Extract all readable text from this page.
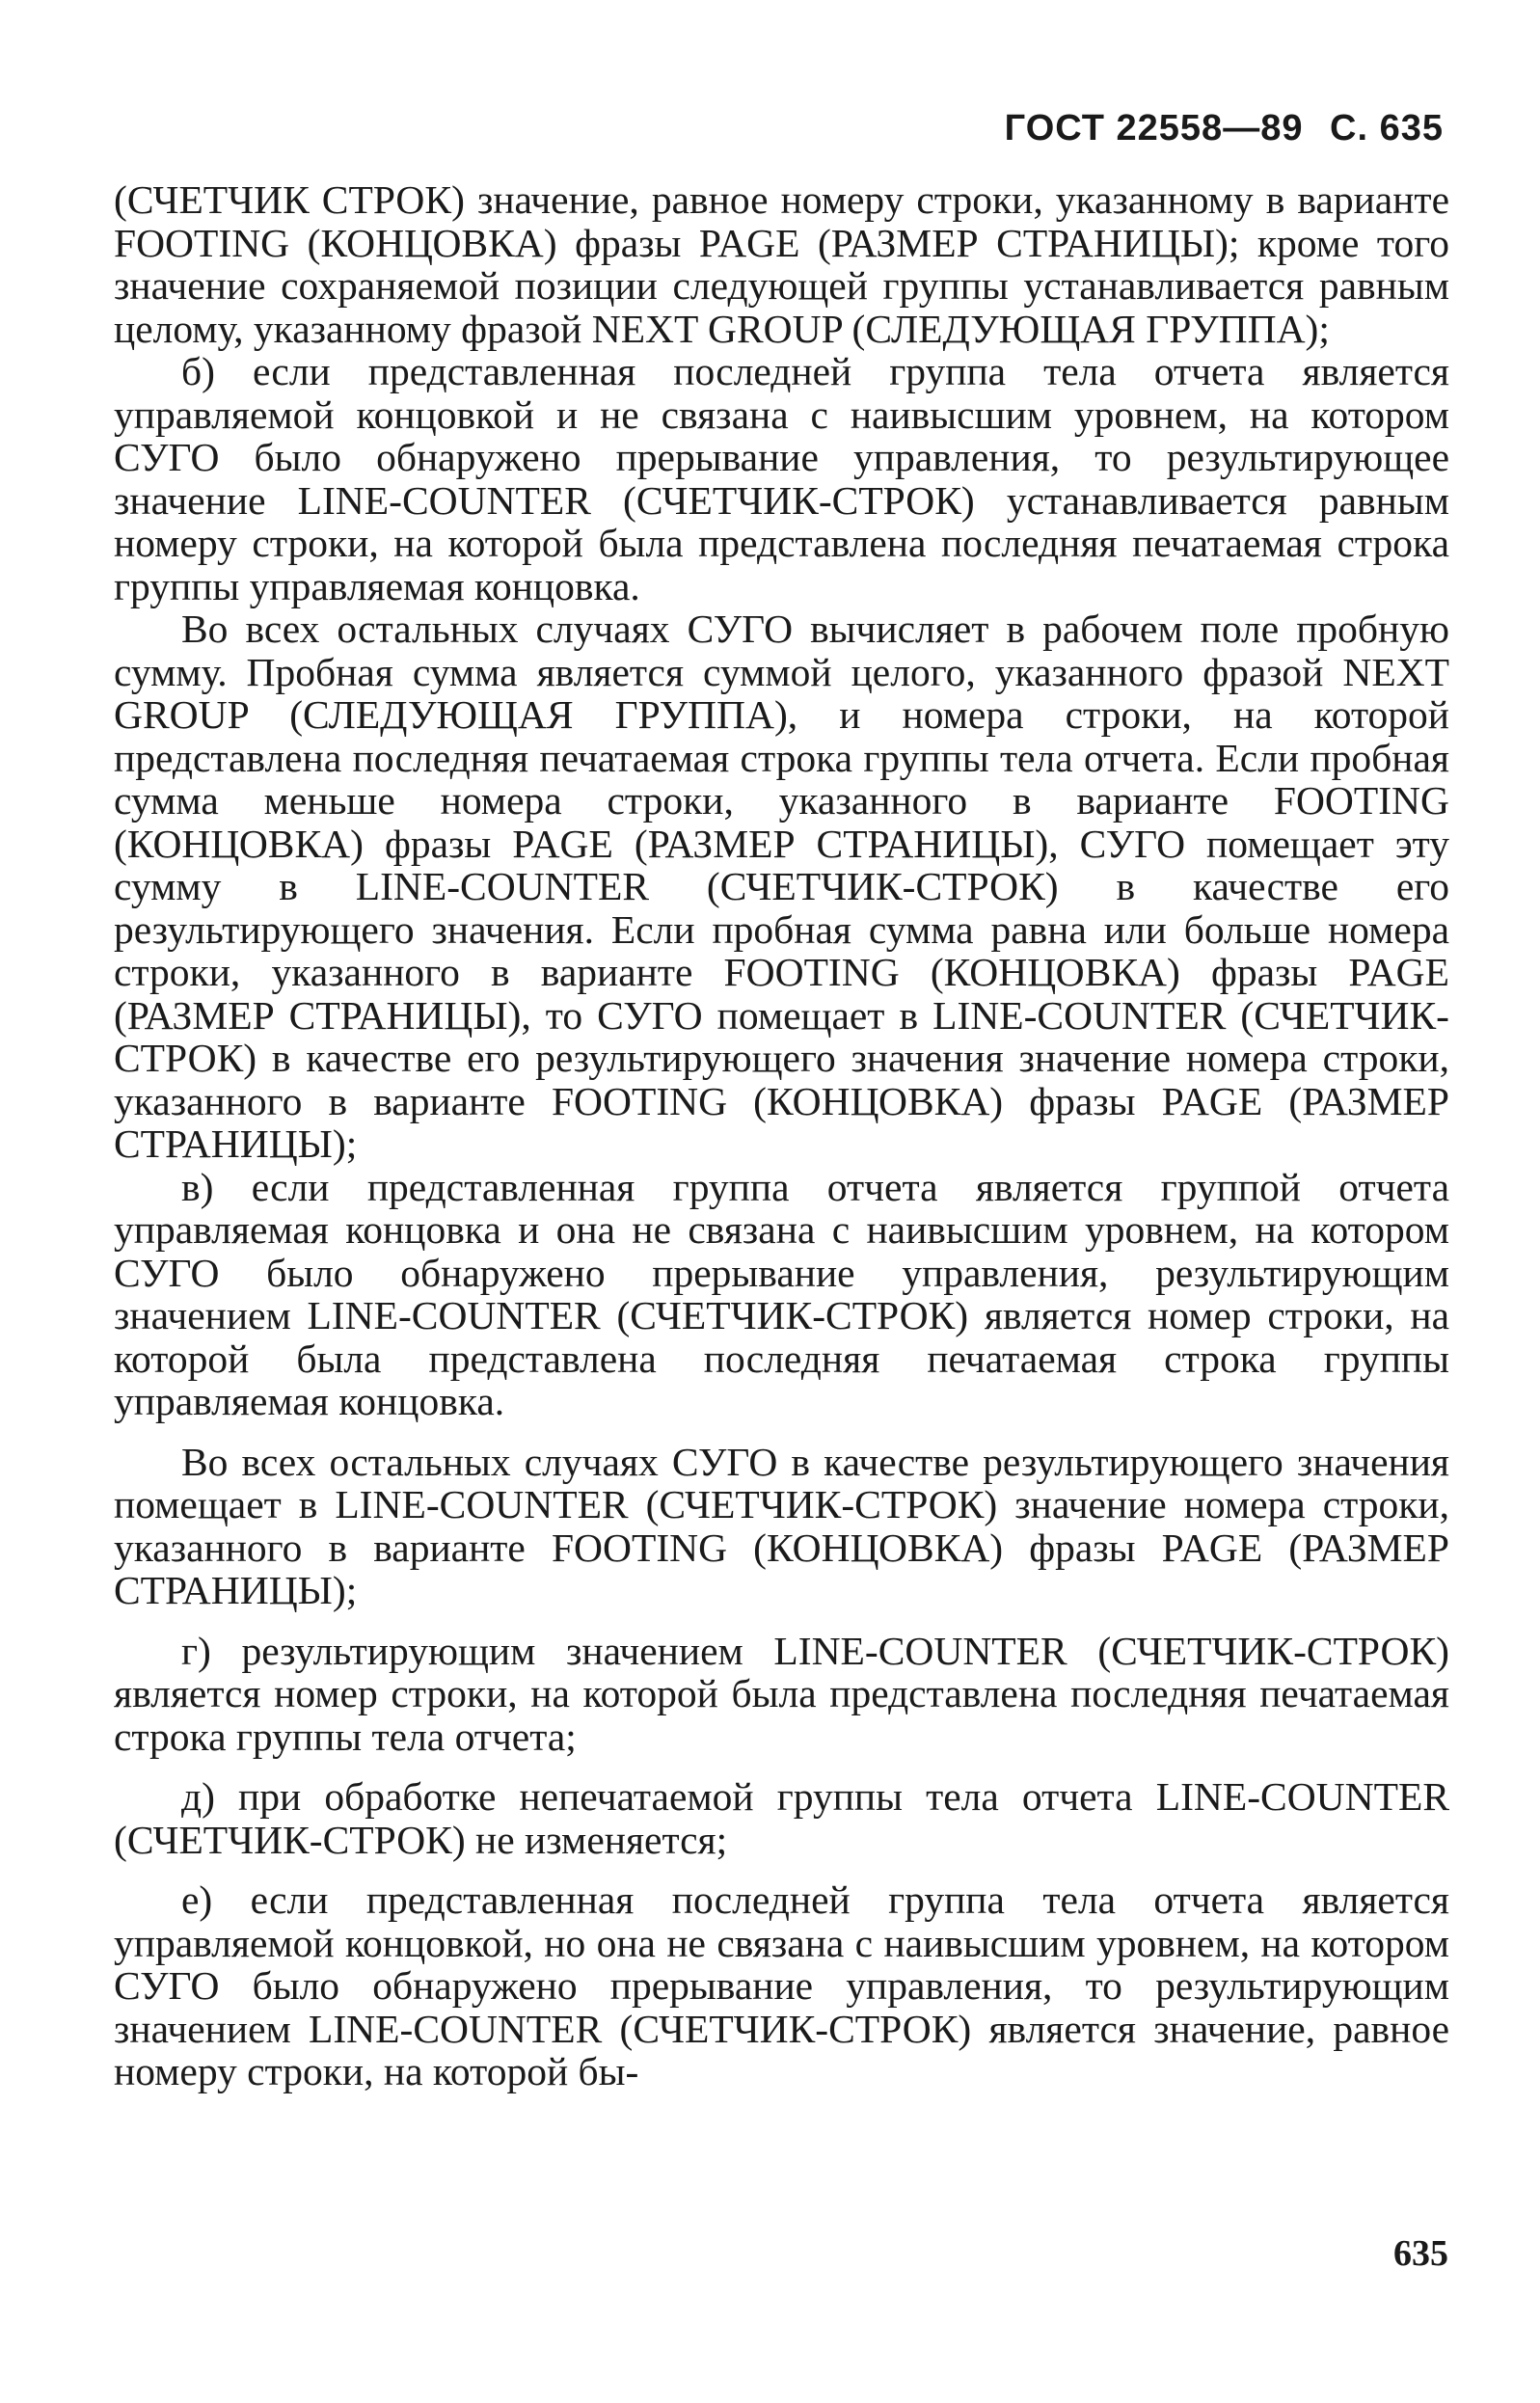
ГОСТ 22558—89 С. 635

(СЧЕТЧИК СТРОК) значение, равное номеру строки, указанному в варианте FOOTING (КОНЦОВКА) фразы PAGE (РАЗМЕР СТРАНИЦЫ); кроме того значение сохраняемой позиции следующей группы устанавливается равным целому, указанному фразой NEXT GROUP (СЛЕДУЮЩАЯ ГРУППА);

б) если представленная последней группа тела отчета является управляемой концовкой и не связана с наивысшим уровнем, на котором СУГО было обнаружено прерывание управления, то результирующее значение LINE-COUNTER (СЧЕТЧИК-СТРОК) устанавливается равным номеру строки, на которой была представлена последняя печатаемая строка группы управляемая концовка.

Во всех остальных случаях СУГО вычисляет в рабочем поле пробную сумму. Пробная сумма является суммой целого, указанного фразой NEXT GROUP (СЛЕДУЮЩАЯ ГРУППА), и номера строки, на которой представлена последняя печатаемая строка группы тела отчета. Если пробная сумма меньше номера строки, указанного в варианте FOOTING (КОНЦОВКА) фразы PAGE (РАЗМЕР СТРАНИЦЫ), СУГО помещает эту сумму в LINE-COUNTER (СЧЕТЧИК-СТРОК) в качестве его результирующего значения. Если пробная сумма равна или больше номера строки, указанного в варианте FOOTING (КОНЦОВКА) фразы PAGE (РАЗМЕР СТРАНИЦЫ), то СУГО помещает в LINE-COUNTER (СЧЕТЧИК-СТРОК) в качестве его результирующего значения значение номера строки, указанного в варианте FOOTING (КОНЦОВКА) фразы PAGE (РАЗМЕР СТРАНИЦЫ);

в) если представленная группа отчета является группой отчета управляемая концовка и она не связана с наивысшим уровнем, на котором СУГО было обнаружено прерывание управления, результирующим значением LINE-COUNTER (СЧЕТЧИК-СТРОК) является номер строки, на которой была представлена последняя печатаемая строка группы управляемая концовка.

Во всех остальных случаях СУГО в качестве результирующего значения помещает в LINE-COUNTER (СЧЕТЧИК-СТРОК) значение номера строки, указанного в варианте FOOTING (КОНЦОВКА) фразы PAGE (РАЗМЕР СТРАНИЦЫ);

г) результирующим значением LINE-COUNTER (СЧЕТЧИК-СТРОК) является номер строки, на которой была представлена последняя печатаемая строка группы тела отчета;

д) при обработке непечатаемой группы тела отчета LINE-COUNTER (СЧЕТЧИК-СТРОК) не изменяется;

е) если представленная последней группа тела отчета является управляемой концовкой, но она не связана с наивысшим уровнем, на котором СУГО было обнаружено прерывание управления, то результирующим значением LINE-COUNTER (СЧЕТЧИК-СТРОК) является значение, равное номеру строки, на которой бы-

635
